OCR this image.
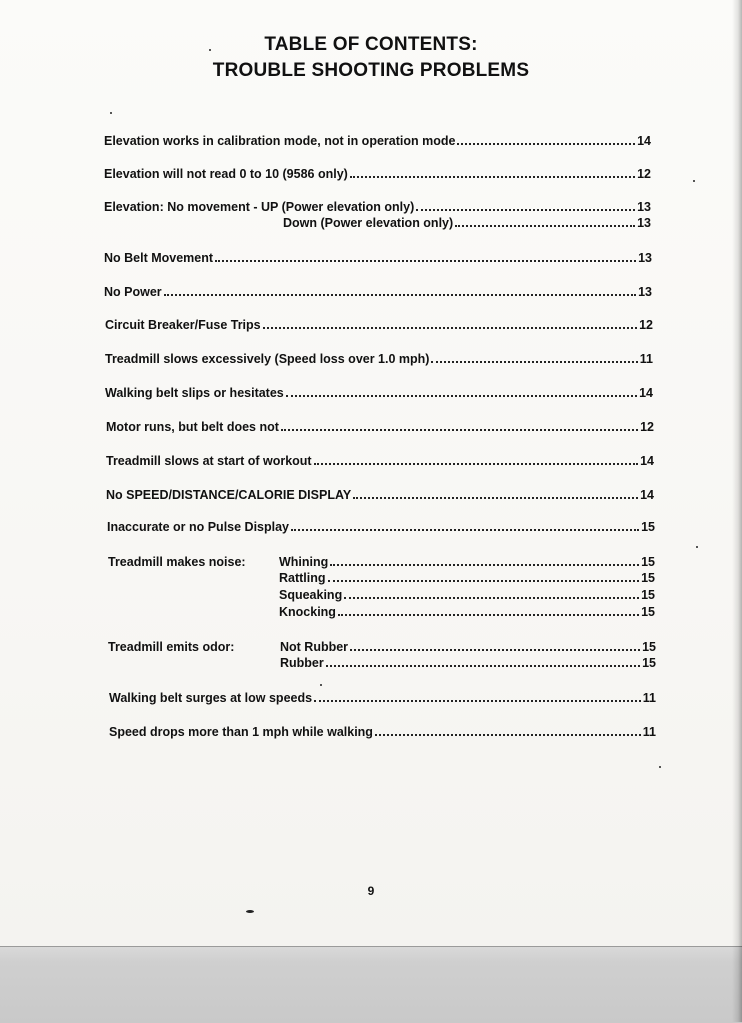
TABLE OF CONTENTS:
TROUBLE SHOOTING PROBLEMS
Elevation works in calibration mode, not in operation mode	14
Elevation will not read 0 to 10 (9586 only)	12
Elevation: No movement - UP (Power elevation only)	13
Down (Power elevation only)	13
No Belt Movement	13
No Power	13
Circuit Breaker/Fuse Trips	12
Treadmill slows excessively (Speed loss over 1.0 mph)	11
Walking belt slips or hesitates	14
Motor runs, but belt does not	12
Treadmill slows at start of workout	14
No SPEED/DISTANCE/CALORIE DISPLAY	14
Inaccurate or no Pulse Display	15
Treadmill makes noise:	Whining	15
Rattling	15
Squeaking	15
Knocking	15
Treadmill emits odor:	Not Rubber	15
Rubber	15
Walking belt surges at low speeds	11
Speed drops more than 1 mph while walking	11
9
